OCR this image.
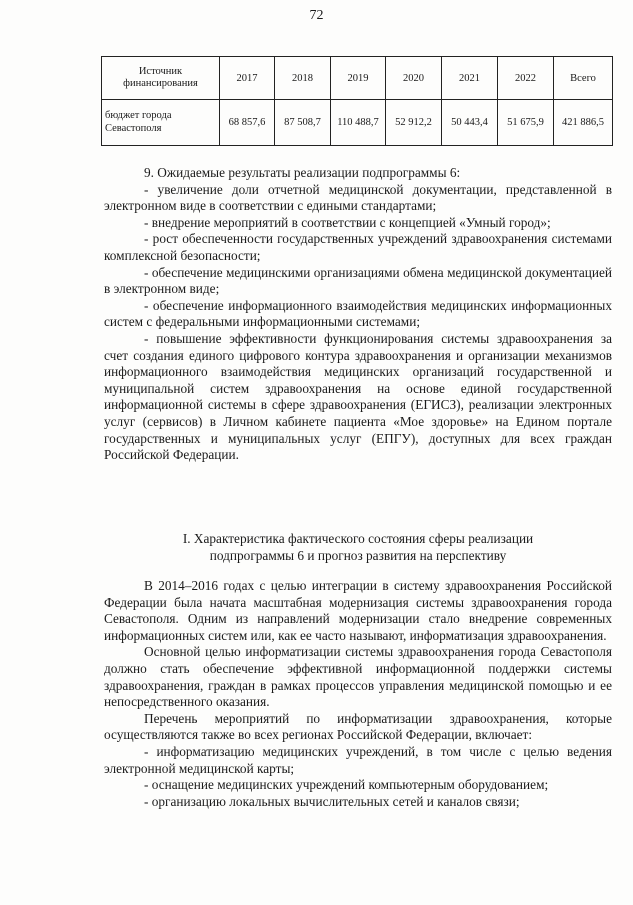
72
Источник финансирования	2017	2018	2019	2020	2021	2022	Всего
бюджет города Севастополя	68 857,6	87 508,7	110 488,7	52 912,2	50 443,4	51 675,9	421 886,5

9. Ожидаемые результаты реализации подпрограммы 6:

- увеличение доли отчетной медицинской документации, представленной в электронном виде в соответствии с едиными стандартами;

- внедрение мероприятий в соответствии с концепцией «Умный город»;

- рост обеспеченности государственных учреждений здравоохранения системами комплексной безопасности;

- обеспечение медицинскими организациями обмена медицинской документацией в электронном виде;

- обеспечение информационного взаимодействия медицинских информационных систем с федеральными информационными системами;

- повышение эффективности функционирования системы здравоохранения за счет создания единого цифрового контура здравоохранения и организации механизмов информационного взаимодействия медицинских организаций государственной и муниципальной систем здравоохранения на основе единой государственной информационной системы в сфере здравоохранения (ЕГИСЗ), реализации электронных услуг (сервисов) в Личном кабинете пациента «Мое здоровье» на Едином портале государственных и муниципальных услуг (ЕПГУ), доступных для всех граждан Российской Федерации.

I. Характеристика фактического состояния сферы реализации

подпрограммы 6 и прогноз развития на перспективу

В 2014–2016 годах с целью интеграции в систему здравоохранения Российской Федерации была начата масштабная модернизация системы здравоохранения города Севастополя. Одним из направлений модернизации стало внедрение современных информационных систем или, как ее часто называют, информатизация здравоохранения.

Основной целью информатизации системы здравоохранения города Севастополя должно стать обеспечение эффективной информационной поддержки системы здравоохранения, граждан в рамках процессов управления медицинской помощью и ее непосредственного оказания.

Перечень мероприятий по информатизации здравоохранения, которые осуществляются также во всех регионах Российской Федерации, включает:

- информатизацию медицинских учреждений, в том числе с целью ведения электронной медицинской карты;

- оснащение медицинских учреждений компьютерным оборудованием;

- организацию локальных вычислительных сетей и каналов связи;
